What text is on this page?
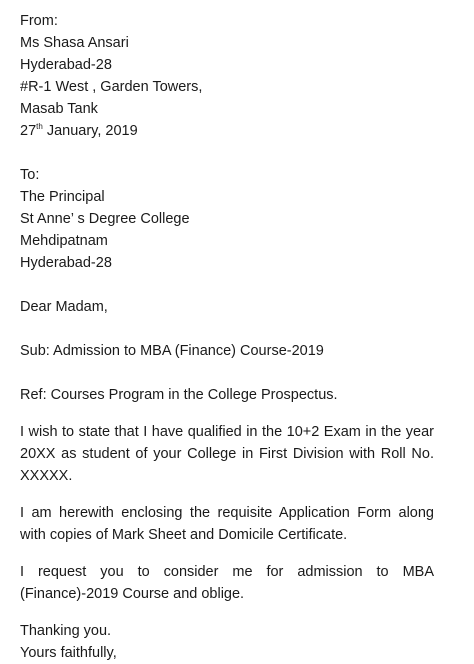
From:
Ms Shasa Ansari
Hyderabad-28
#R-1 West , Garden Towers,
Masab Tank
27th January, 2019
To:
The Principal
St Anne’ s Degree College
Mehdipatnam
Hyderabad-28
Dear Madam,
Sub: Admission to MBA (Finance) Course-2019
Ref: Courses Program in the College Prospectus.
I wish to state that I have qualified in the 10+2 Exam in the year 20XX as student of your College in First Division with Roll No. XXXXX.
I am herewith enclosing the requisite Application Form along with copies of Mark Sheet and Domicile Certificate.
I request you to consider me for admission to MBA (Finance)-2019 Course and oblige.
Thanking you.
Yours faithfully,
